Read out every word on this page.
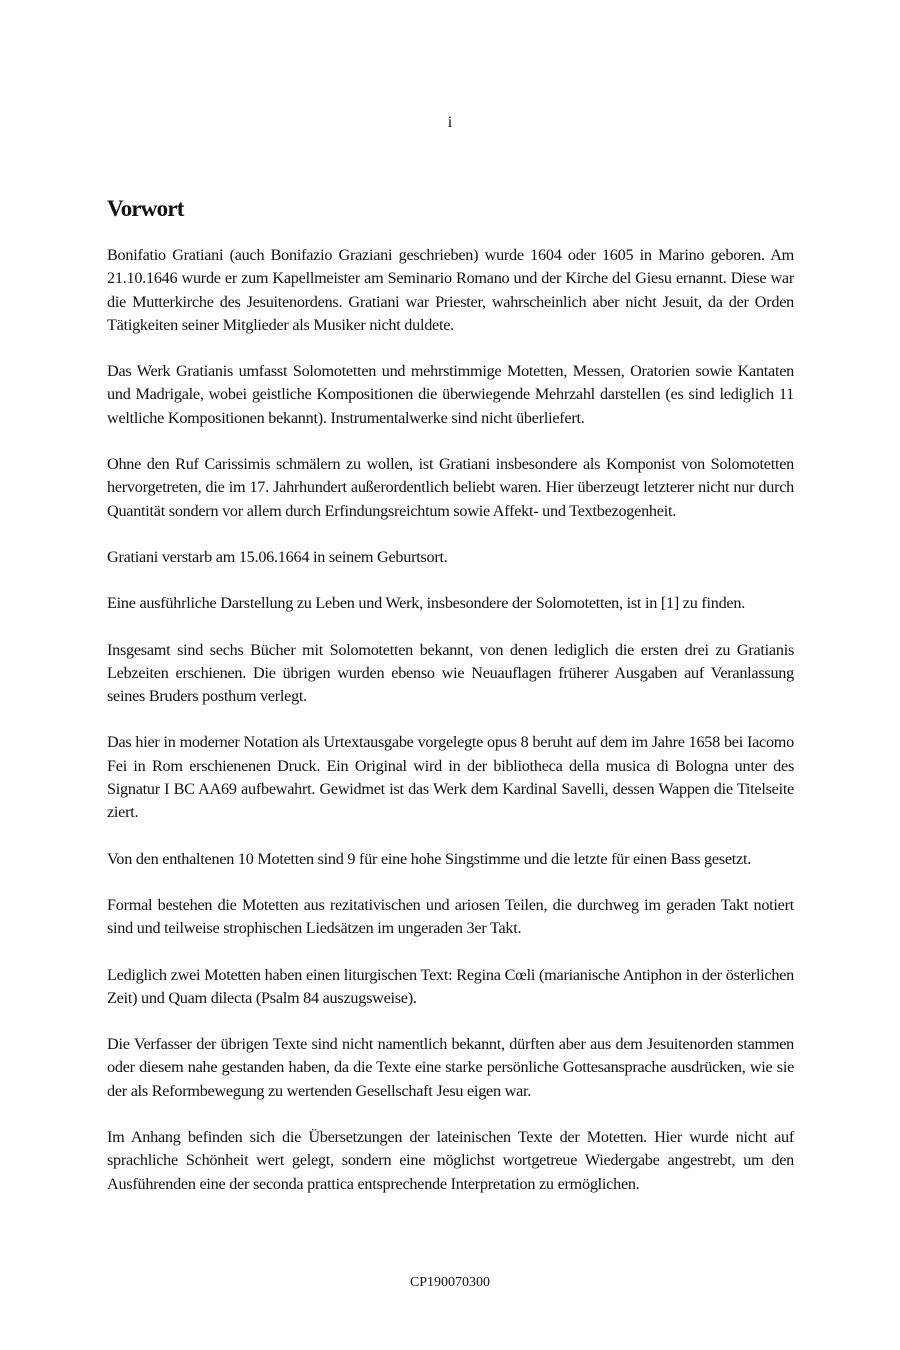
i
Vorwort

Bonifatio Gratiani (auch Bonifazio Graziani geschrieben) wurde 1604 oder 1605 in Marino geboren. Am 21.10.1646 wurde er zum Kapellmeister am Seminario Romano und der Kirche del Giesu ernannt. Diese war die Mutterkirche des Jesuitenordens. Gratiani war Priester, wahrscheinlich aber nicht Jesuit, da der Orden Tätigkeiten seiner Mitglieder als Musiker nicht duldete.

Das Werk Gratianis umfasst Solomotetten und mehrstimmige Motetten, Messen, Oratorien sowie Kantaten und Madrigale, wobei geistliche Kompositionen die überwiegende Mehrzahl darstellen (es sind lediglich 11 weltliche Kompositionen bekannt). Instrumentalwerke sind nicht überliefert.

Ohne den Ruf Carissimis schmälern zu wollen, ist Gratiani insbesondere als Komponist von Solomotetten hervorgetreten, die im 17. Jahrhundert außerordentlich beliebt waren. Hier überzeugt letzterer nicht nur durch Quantität sondern vor allem durch Erfindungsreichtum sowie Affekt- und Textbezogenheit.

Gratiani verstarb am 15.06.1664 in seinem Geburtsort.

Eine ausführliche Darstellung zu Leben und Werk, insbesondere der Solomotetten, ist in [1] zu finden.

Insgesamt sind sechs Bücher mit Solomotetten bekannt, von denen lediglich die ersten drei zu Gratianis Lebzeiten erschienen. Die übrigen wurden ebenso wie Neuauflagen früherer Ausgaben auf Veranlassung seines Bruders posthum verlegt.

Das hier in moderner Notation als Urtextausgabe vorgelegte opus 8 beruht auf dem im Jahre 1658 bei Iacomo Fei in Rom erschienenen Druck. Ein Original wird in der bibliotheca della musica di Bologna unter des Signatur I BC AA69 aufbewahrt. Gewidmet ist das Werk dem Kardinal Savelli, dessen Wappen die Titelseite ziert.

Von den enthaltenen 10 Motetten sind 9 für eine hohe Singstimme und die letzte für einen Bass gesetzt.

Formal bestehen die Motetten aus rezitativischen und ariosen Teilen, die durchweg im geraden Takt notiert sind und teilweise strophischen Liedsätzen im ungeraden 3er Takt.

Lediglich zwei Motetten haben einen liturgischen Text: Regina Cœli (marianische Antiphon in der österlichen Zeit) und Quam dilecta (Psalm 84 auszugsweise).

Die Verfasser der übrigen Texte sind nicht namentlich bekannt, dürften aber aus dem Jesuitenorden stammen oder diesem nahe gestanden haben, da die Texte eine starke persönliche Gottesansprache ausdrücken, wie sie der als Reformbewegung zu wertenden Gesellschaft Jesu eigen war.

Im Anhang befinden sich die Übersetzungen der lateinischen Texte der Motetten. Hier wurde nicht auf sprachliche Schönheit wert gelegt, sondern eine möglichst wortgetreue Wiedergabe angestrebt, um den Ausführenden eine der seconda prattica entsprechende Interpretation zu ermöglichen.

CP190070300
